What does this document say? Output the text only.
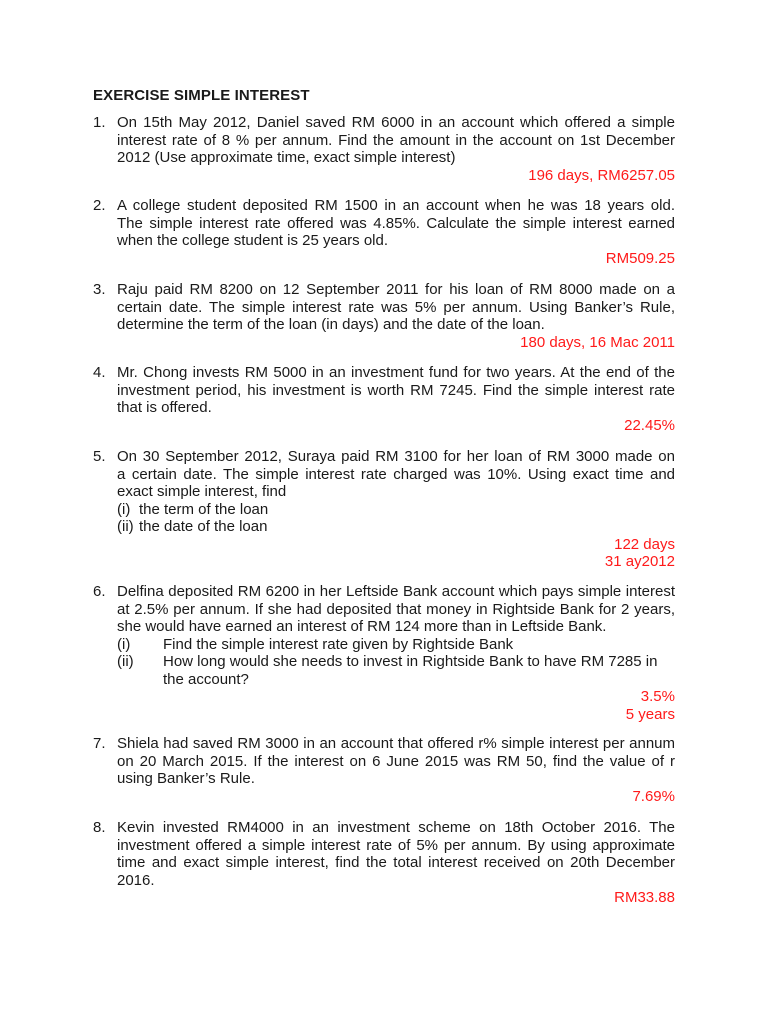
EXERCISE SIMPLE INTEREST
1. On 15th May 2012, Daniel saved RM 6000 in an account which offered a simple
interest rate of 8 % per annum. Find the amount in the account on 1st December
2012 (Use approximate time, exact simple interest)
196 days, RM6257.05
2. A college student deposited RM 1500 in an account when he was 18 years old.
The simple interest rate offered was 4.85%. Calculate the simple interest earned
when the college student is 25 years old.
RM509.25
3. Raju paid RM 8200 on 12 September 2011 for his loan of RM 8000 made on a
certain date. The simple interest rate was 5% per annum. Using Banker’s Rule,
determine the term of the loan (in days) and the date of the loan.
180 days, 16 Mac 2011
4. Mr. Chong invests RM 5000 in an investment fund for two years. At the end of the
investment period, his investment is worth RM 7245. Find the simple interest rate
that is offered.
22.45%
5. On 30 September 2012, Suraya paid RM 3100 for her loan of RM 3000 made on
a certain date. The simple interest rate charged was 10%. Using exact time and
exact simple interest, find
(i) the term of the loan
(ii) the date of the loan
122 days
31 ay2012
6. Delfina deposited RM 6200 in her Leftside Bank account which pays simple interest
at 2.5% per annum. If she had deposited that money in Rightside Bank for 2 years,
she would have earned an interest of RM 124 more than in Leftside Bank.
(i)	Find the simple interest rate given by Rightside Bank
(ii)	How long would she needs to invest in Rightside Bank to have RM 7285 in
the account?
3.5%
5 years
7. Shiela had saved RM 3000 in an account that offered r% simple interest per annum
on 20 March 2015. If the interest on 6 June 2015 was RM 50, find the value of r
using Banker’s Rule.
7.69%
8. Kevin invested RM4000 in an investment scheme on 18th October 2016. The
investment offered a simple interest rate of 5% per annum. By using approximate
time and exact simple interest, find the total interest received on 20th December
2016.
RM33.88
